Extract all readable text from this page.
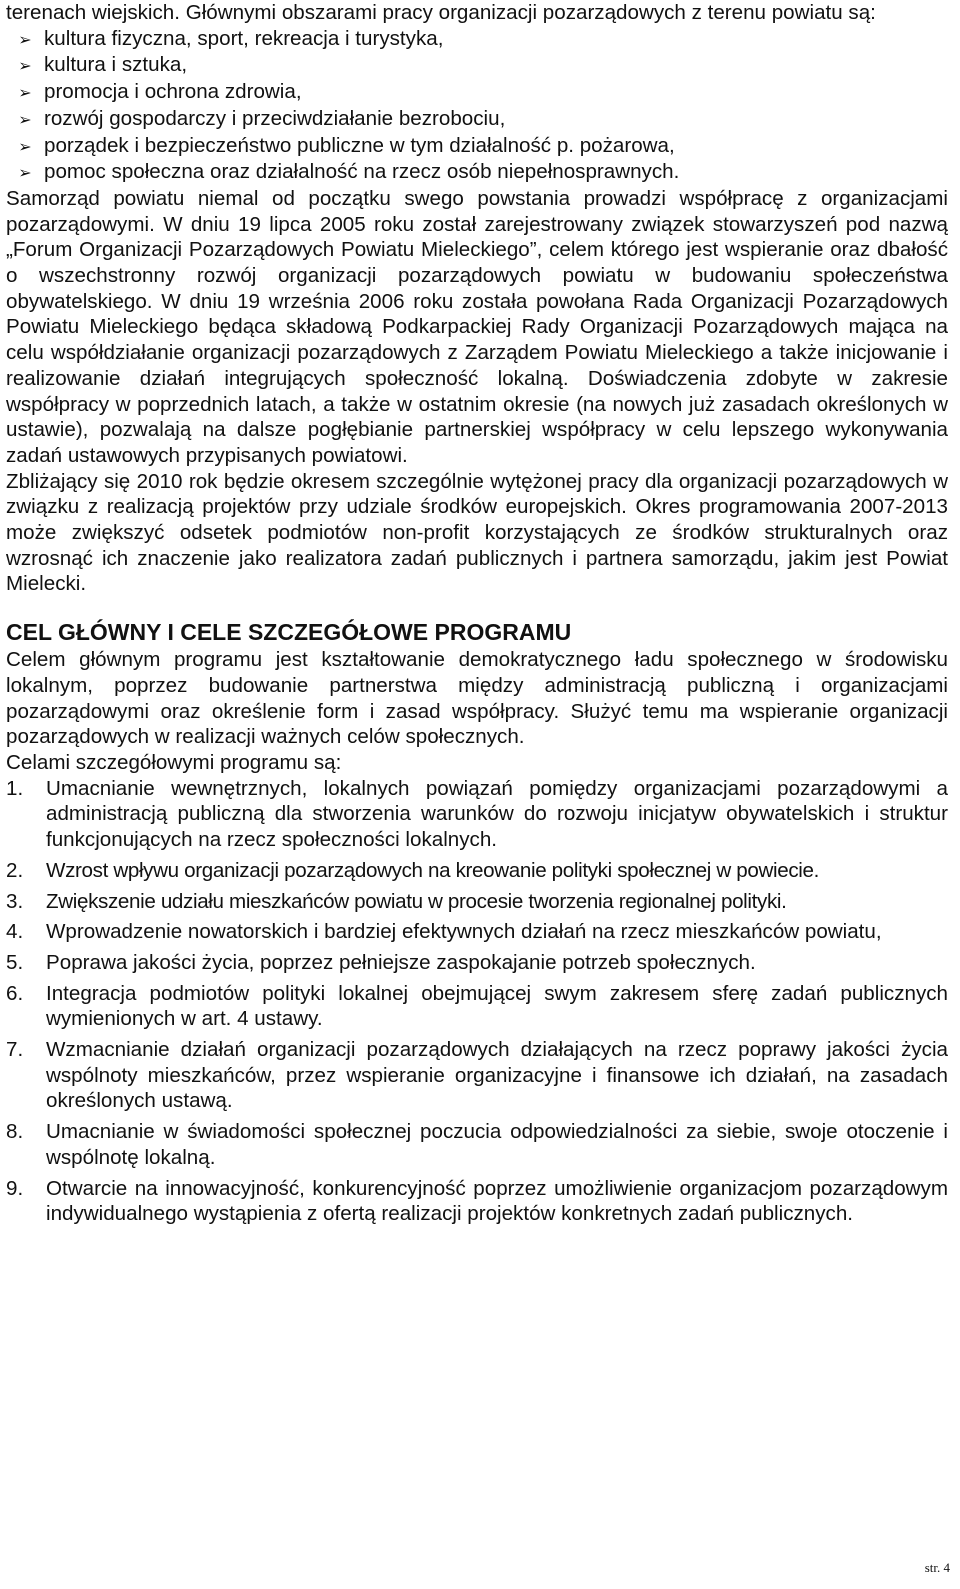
terenach wiejskich. Głównymi obszarami pracy organizacji pozarządowych z terenu powiatu są:

➢
kultura fizyczna, sport, rekreacja i turystyka,
➢
kultura i sztuka,
➢
promocja i ochrona zdrowia,
➢
rozwój gospodarczy i przeciwdziałanie bezrobociu,
➢
porządek i bezpieczeństwo publiczne w tym działalność p. pożarowa,
➢
pomoc społeczna oraz działalność na rzecz osób niepełnosprawnych.

Samorząd powiatu niemal od początku swego powstania prowadzi współpracę z organizacjami pozarządowymi. W dniu 19 lipca 2005 roku został zarejestrowany związek stowarzyszeń pod nazwą „Forum Organizacji Pozarządowych Powiatu Mieleckiego”, celem którego jest wspieranie oraz dbałość o wszechstronny rozwój organizacji pozarządowych powiatu w budowaniu społeczeństwa obywatelskiego. W dniu 19 września 2006 roku została powołana Rada Organizacji Pozarządowych Powiatu Mieleckiego będąca składową Podkarpackiej Rady Organizacji Pozarządowych mająca na celu współdziałanie organizacji pozarządowych z Zarządem Powiatu Mieleckiego a także inicjowanie i realizowanie działań integrujących społeczność lokalną. Doświadczenia zdobyte w zakresie współpracy w poprzednich latach, a także w ostatnim okresie (na nowych już zasadach określonych w ustawie), pozwalają na dalsze pogłębianie partnerskiej współpracy w celu lepszego wykonywania zadań ustawowych przypisanych powiatowi.

Zbliżający się 2010 rok będzie okresem szczególnie wytężonej pracy dla organizacji pozarządowych w związku z realizacją projektów przy udziale środków europejskich. Okres programowania 2007-2013 może zwiększyć odsetek podmiotów non-profit korzystających ze środków strukturalnych oraz wzrosnąć ich znaczenie jako realizatora zadań publicznych i partnera samorządu, jakim jest Powiat Mielecki.

CEL GŁÓWNY I CELE SZCZEGÓŁOWE PROGRAMU

Celem głównym programu jest kształtowanie demokratycznego ładu społecznego w środowisku lokalnym, poprzez budowanie partnerstwa między administracją publiczną i organizacjami pozarządowymi oraz określenie form i zasad współpracy. Służyć temu ma wspieranie organizacji pozarządowych w realizacji ważnych celów społecznych.

Celami szczegółowymi programu są:

1.	Umacnianie wewnętrznych, lokalnych powiązań pomiędzy organizacjami pozarządowymi a administracją publiczną dla stworzenia warunków do rozwoju inicjatyw obywatelskich i struktur funkcjonujących na rzecz społeczności lokalnych.
2.	Wzrost wpływu organizacji pozarządowych na kreowanie polityki społecznej w powiecie.
3.	Zwiększenie udziału mieszkańców powiatu w procesie tworzenia regionalnej polityki.
4.	Wprowadzenie nowatorskich i bardziej efektywnych działań na rzecz mieszkańców powiatu,
5.	Poprawa jakości życia, poprzez pełniejsze zaspokajanie potrzeb społecznych.
6.	Integracja podmiotów polityki lokalnej obejmującej swym zakresem sferę zadań publicznych wymienionych w art. 4 ustawy.
7.	Wzmacnianie działań organizacji pozarządowych działających na rzecz poprawy jakości życia wspólnoty mieszkańców, przez wspieranie organizacyjne i finansowe ich działań, na zasadach określonych ustawą.
8.	Umacnianie w świadomości społecznej poczucia odpowiedzialności za siebie, swoje otoczenie i wspólnotę lokalną.
9.	Otwarcie na innowacyjność, konkurencyjność poprzez umożliwienie organizacjom pozarządowym indywidualnego wystąpienia z ofertą realizacji projektów konkretnych zadań publicznych.
str. 4
